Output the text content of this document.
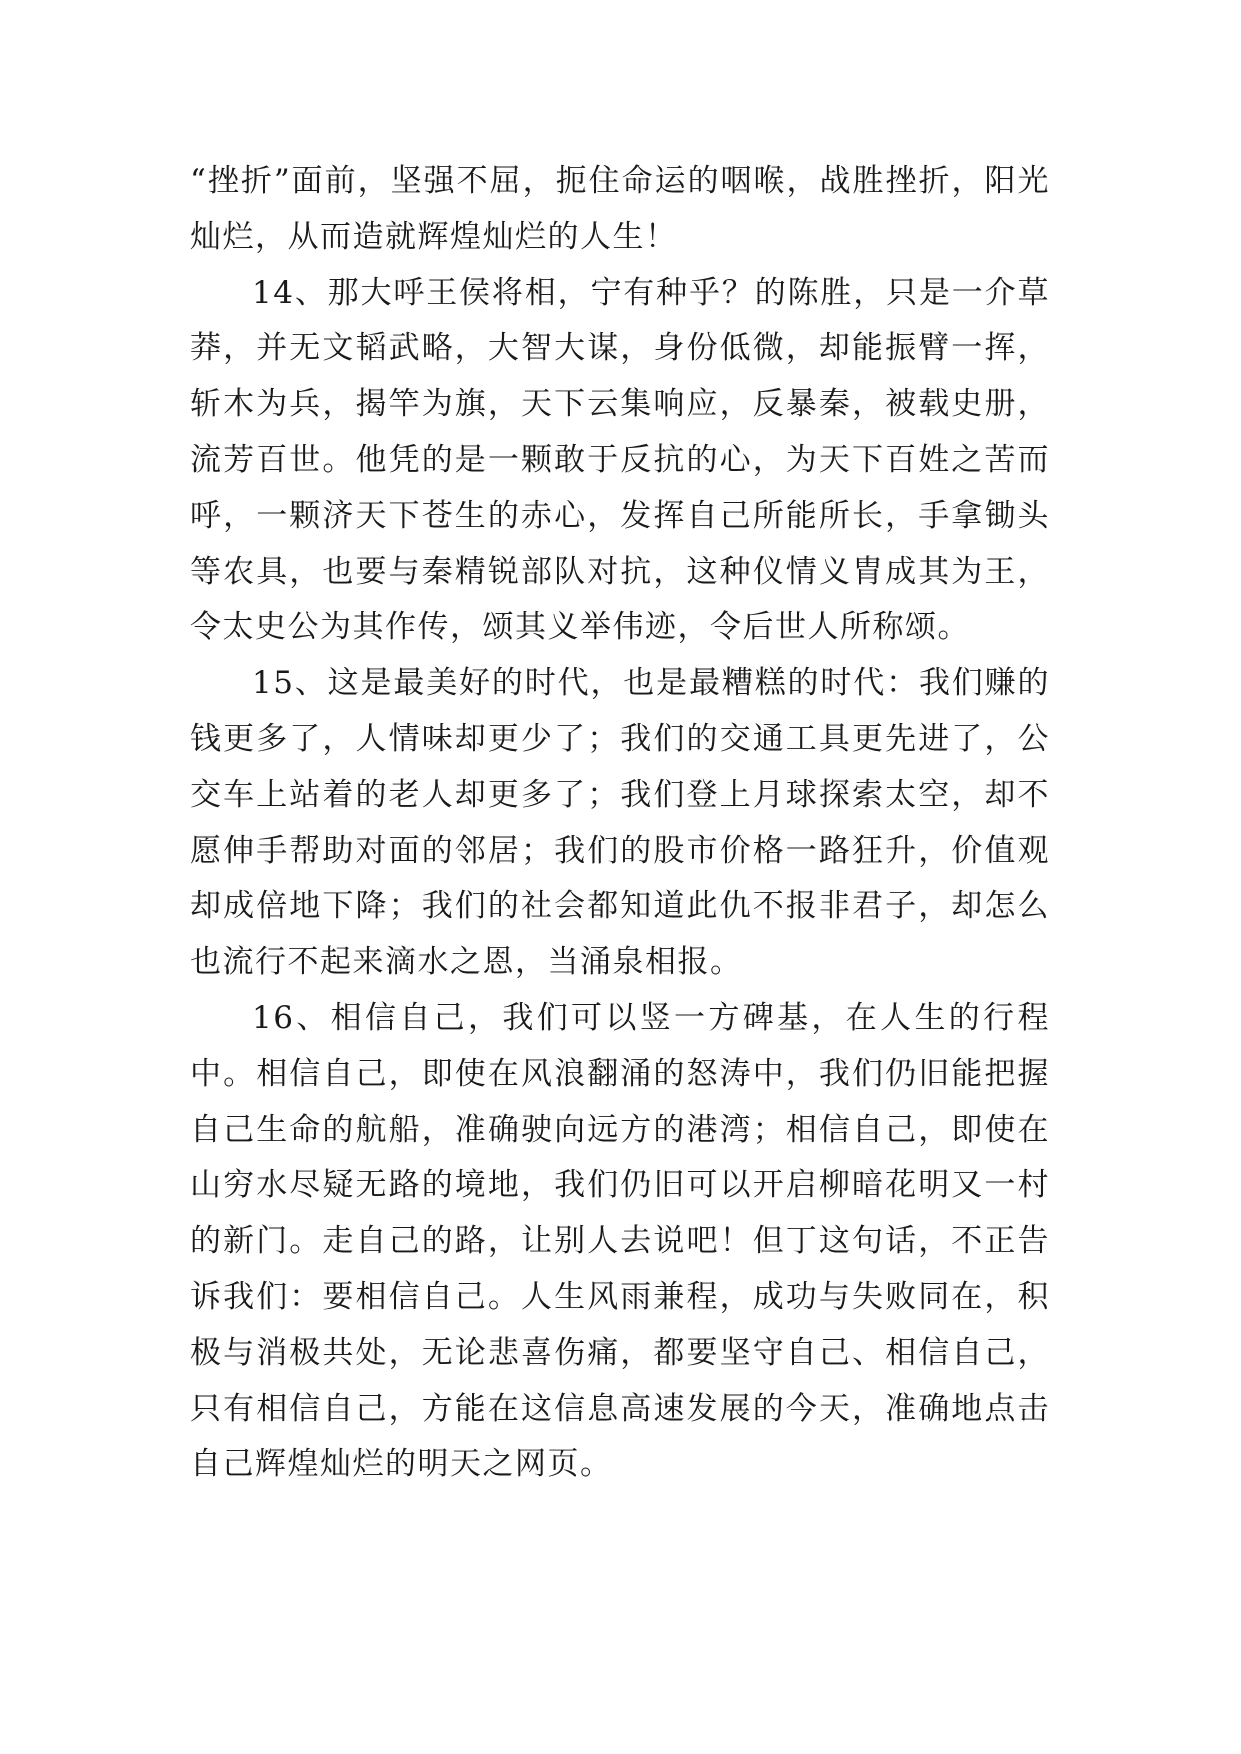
“挫折”面前，坚强不屈，扼住命运的咽喉，战胜挫折，阳光灿烂，从而造就辉煌灿烂的人生！

14、那大呼王侯将相，宁有种乎？的陈胜，只是一介草莽，并无文韬武略，大智大谋，身份低微，却能振臂一挥，斩木为兵，揭竿为旗，天下云集响应，反暴秦，被载史册，流芳百世。他凭的是一颗敢于反抗的心，为天下百姓之苦而呼，一颗济天下苍生的赤心，发挥自己所能所长，手拿锄头等农具，也要与秦精锐部队对抗，这种仪情义胄成其为王，令太史公为其作传，颂其义举伟迹，令后世人所称颂。

15、这是最美好的时代，也是最糟糕的时代：我们赚的钱更多了，人情味却更少了；我们的交通工具更先进了，公交车上站着的老人却更多了；我们登上月球探索太空，却不愿伸手帮助对面的邻居；我们的股市价格一路狂升，价值观却成倍地下降；我们的社会都知道此仇不报非君子，却怎么也流行不起来滴水之恩，当涌泉相报。

16、相信自己，我们可以竖一方碑基，在人生的行程中。相信自己，即使在风浪翻涌的怒涛中，我们仍旧能把握自己生命的航船，准确驶向远方的港湾；相信自己，即使在山穷水尽疑无路的境地，我们仍旧可以开启柳暗花明又一村的新门。走自己的路，让别人去说吧！但丁这句话，不正告诉我们：要相信自己。人生风雨兼程，成功与失败同在，积极与消极共处，无论悲喜伤痛，都要坚守自己、相信自己，只有相信自己，方能在这信息高速发展的今天，准确地点击自己辉煌灿烂的明天之网页。
